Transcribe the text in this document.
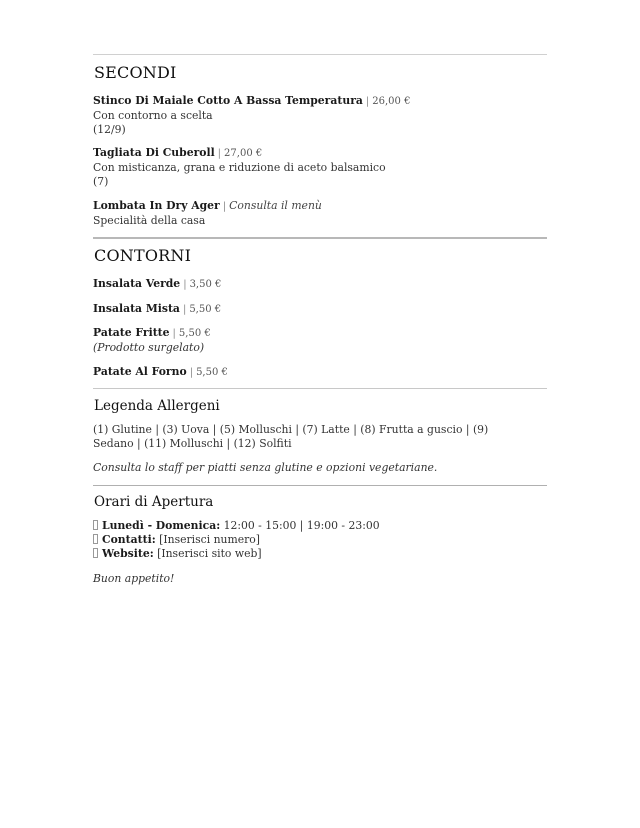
SECONDI
Stinco Di Maiale Cotto A Bassa Temperatura | 26,00 €
Con contorno a scelta
(12/9)
Tagliata Di Cuberoll | 27,00 €
Con misticanza, grana e riduzione di aceto balsamico
(7)
Lombata In Dry Ager | Consulta il menù
Specialità della casa
CONTORNI
Insalata Verde | 3,50 €
Insalata Mista | 5,50 €
Patate Fritte | 5,50 €
(Prodotto surgelato)
Patate Al Forno | 5,50 €
Legenda Allergeni
(1) Glutine | (3) Uova | (5) Molluschi | (7) Latte | (8) Frutta a guscio | (9) Sedano | (11) Molluschi | (12) Solfiti
Consulta lo staff per piatti senza glutine e opzioni vegetariane.
Orari di Apertura
Lunedì - Domenica: 12:00 - 15:00 | 19:00 - 23:00
Contatti: [Inserisci numero]
Website: [Inserisci sito web]
Buon appetito!
